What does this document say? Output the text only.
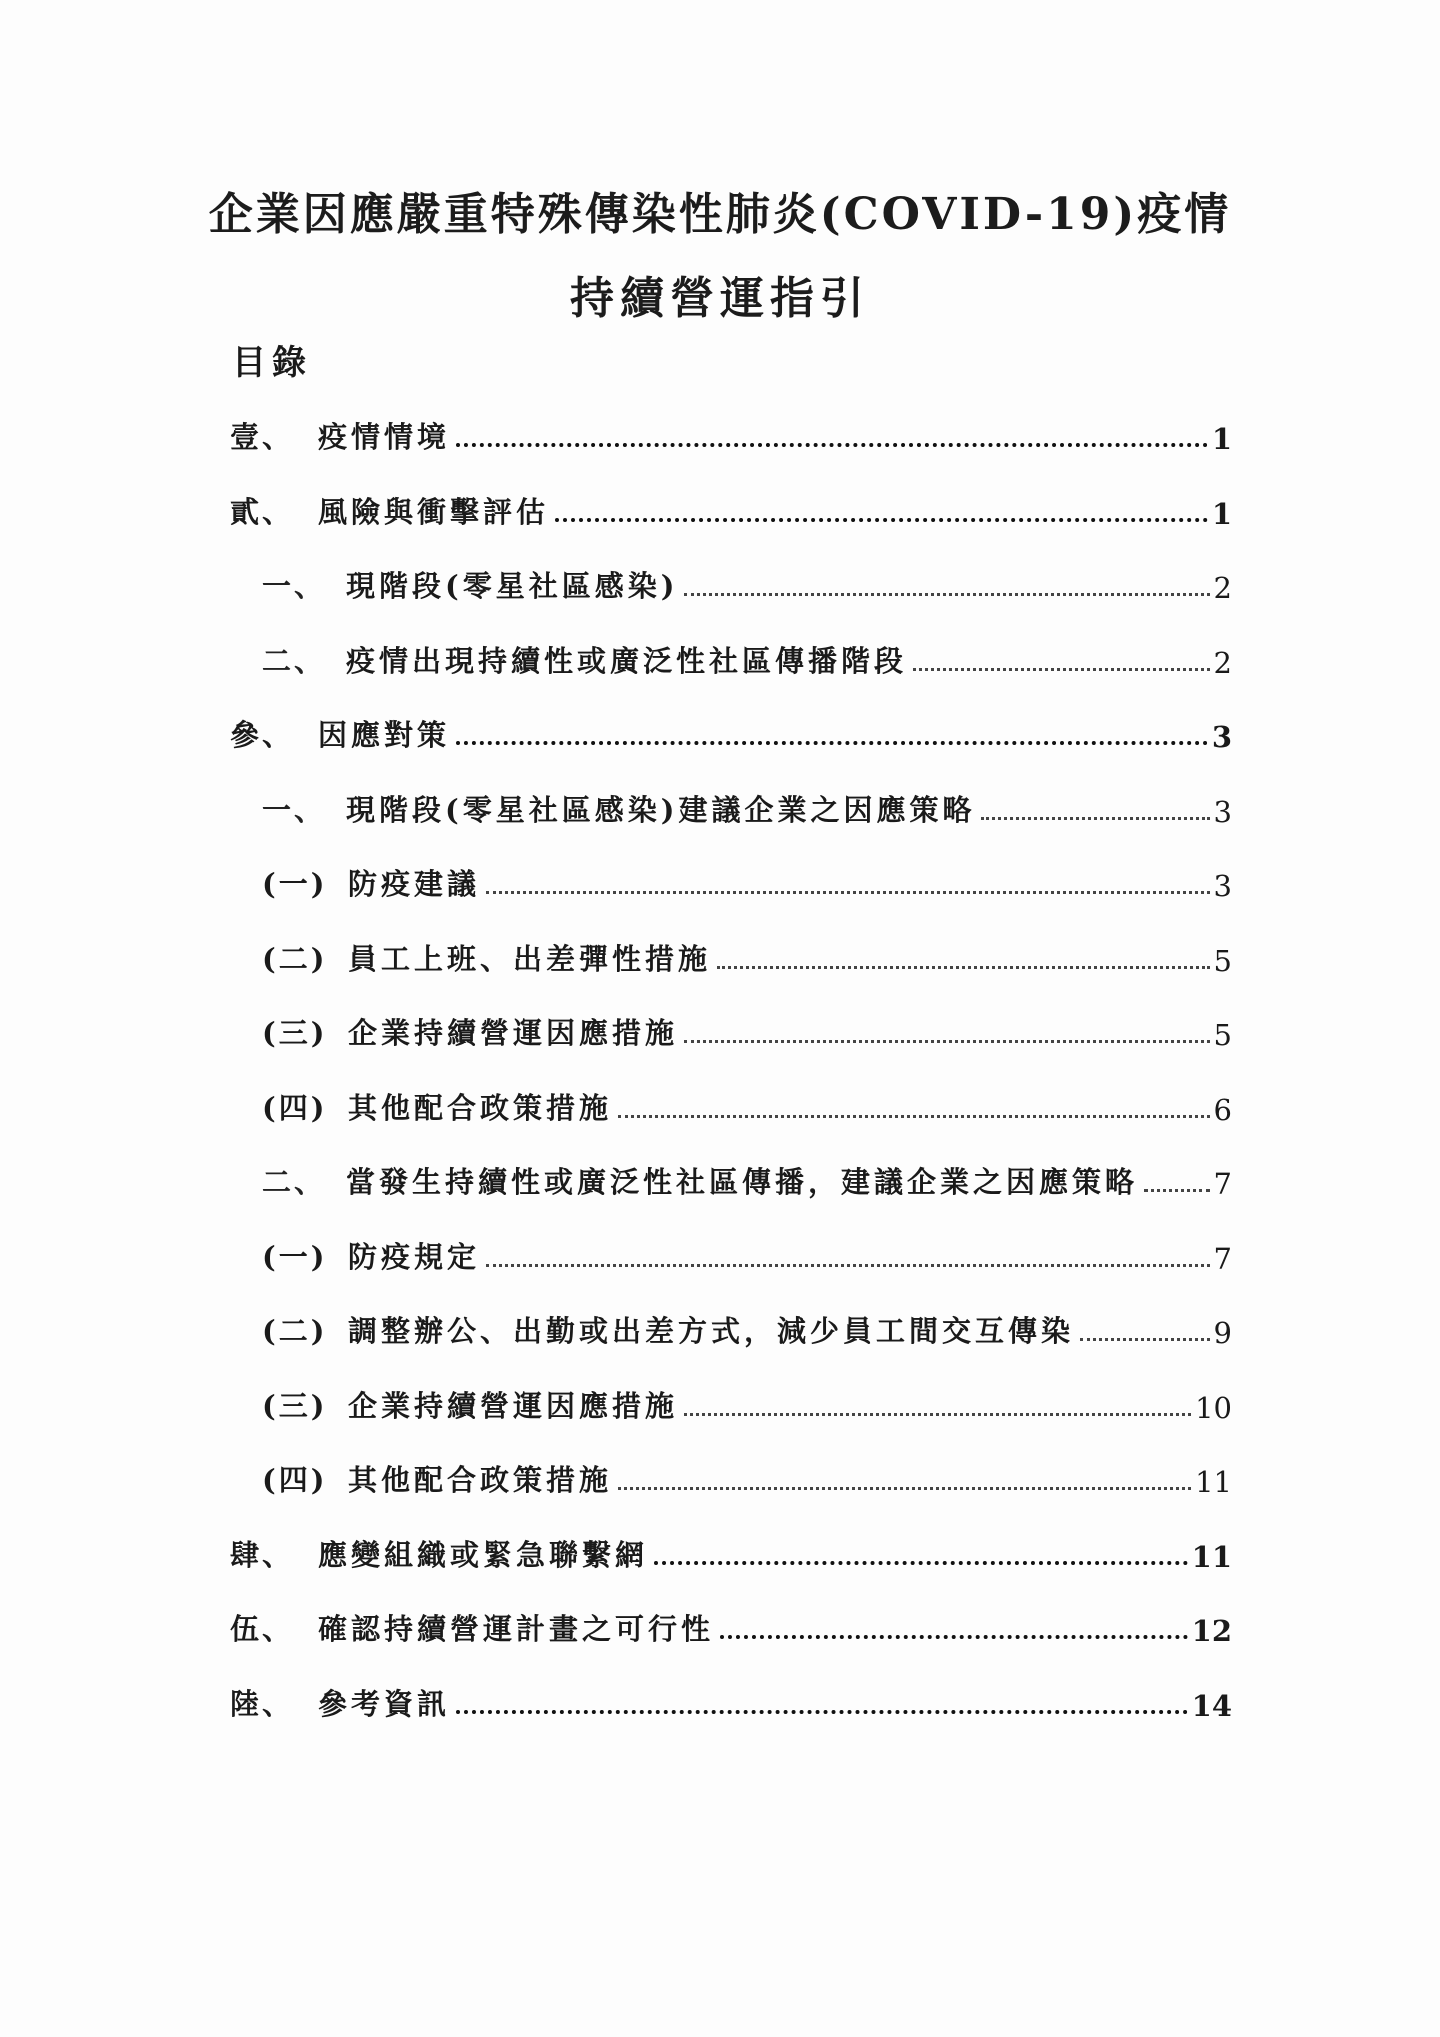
企業因應嚴重特殊傳染性肺炎(COVID-19)疫情
持續營運指引
目錄
壹、 疫情情境	1
貳、 風險與衝擊評估	1
一、 現階段(零星社區感染)	2
二、 疫情出現持續性或廣泛性社區傳播階段	2
參、 因應對策	3
一、 現階段(零星社區感染)建議企業之因應策略	3
(一) 防疫建議	3
(二) 員工上班、出差彈性措施	5
(三) 企業持續營運因應措施	5
(四) 其他配合政策措施	6
二、 當發生持續性或廣泛性社區傳播，建議企業之因應策略	7
(一) 防疫規定	7
(二) 調整辦公、出勤或出差方式，減少員工間交互傳染	9
(三) 企業持續營運因應措施	10
(四) 其他配合政策措施	11
肆、 應變組織或緊急聯繫網	11
伍、 確認持續營運計畫之可行性	12
陸、 參考資訊	14
